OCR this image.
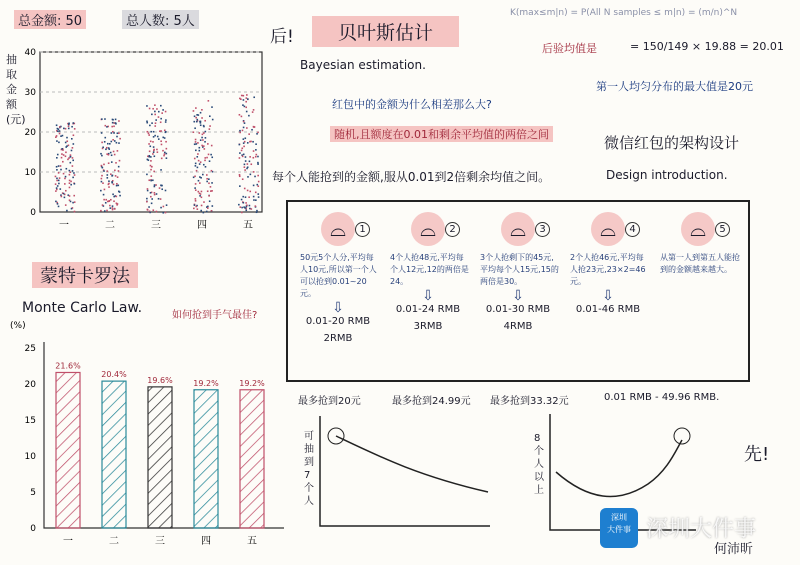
总金额: 50	总人数: 5人
抽取金额(元)
0
10
20
30
40
一	二	三	四	五
蒙特卡罗法
Monte Carlo Law.	如何抢到手气最佳?
(%)
0
5
10
15
20
25
21.6%
一
20.4%
二
19.6%
三
19.2%
四
19.2%
五
后!	贝叶斯估计
Bayesian estimation.
K(max≤m|n) = P(All N samples ≤ m|n) = (m/n)^N
后验均值是	= 150/149 × 19.88 = 20.01
第一人均匀分布的最大值是20元
红包中的金额为什么相差那么大?
随机,且额度在0.01和剩余平均值的两倍之间	微信红包的架构设计
Design introduction.
每个人能抢到的金额,服从0.01到2倍剩余均值之间。
⌓	1
50元5个人分,平均每人10元,所以第一个人可以抢到0.01~20元。
⇩
0.01-20 RMB
2RMB
⌓	2
4个人抢48元,平均每个人12元,12的两倍是24。
⇩
0.01-24 RMB
3RMB
⌓	3
3个人抢剩下的45元,平均每个人15元,15的两倍是30。
⇩
0.01-30 RMB
4RMB
⌓	4
2个人抢46元,平均每人抢23元,23×2=46元。
⇩
0.01-46 RMB
⌓	5
从第一人到第五人能抢到的金额越来越大。
最多抢到20元	最多抢到24.99元 最多抢到33.32元	0.01 RMB - 49.96 RMB.
可抽到7个人
8个人以上
先!
何沛昕
深圳
大件事 深圳大件事
